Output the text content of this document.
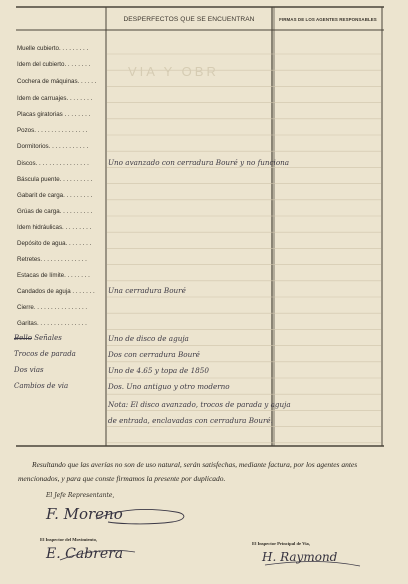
VIA Y OBR
DESPERFECTOS QUE SE ENCUENTRAN	FIRMAS DE LOS AGENTES RESPONSABLES
Muelle cubierto. . . . . . . . .
Idem del cubierto. . . . . . . .
Cochera de máquinas. . . . . .
Idem de carruajes. . . . . . . .
Placas giratorias . . . . . . . .
Pozos. . . . . . . . . . . . . . . .
Dormitorios. . . . . . . . . . . .
Discos. . . . . . . . . . . . . . . .
Báscula puente. . . . . . . . . .
Gabarit de carga. . . . . . . . .
Grúas de carga. . . . . . . . . .
Idem hidráulicas. . . . . . . . .
Depósito de agua. . . . . . . .
Retretes. . . . . . . . . . . . . .
Estacas de límite. . . . . . . .
Candados de aguja . . . . . . .
Cierre. . . . . . . . . . . . . . . .
Garitas. . . . . . . . . . . . . . .
Uno avanzado con cerradura Bouré y no funciona
Una cerradura Bouré
Bello Señales
Trocos de parada
Dos vias
Cambios de via
Uno de disco de aguja
Dos con cerradura Bouré
Uno de 4.65 y topa de 1850
Dos. Uno antiguo y otro moderno
Nota: El disco avanzado, trocos de parada y aguja
de entrada, enclavadas con cerradura Bouré.
Resultando que las averías no son de uso natural, serán satisfechas, mediante factura, por los agentes antes mencionados, y para que conste firmamos la presente por duplicado.
El Jefe Representante,
F. Moreno
El Inspector del Movimiento,
E. Cabrera
El Inspector Principal de Via,
H. Raymond
